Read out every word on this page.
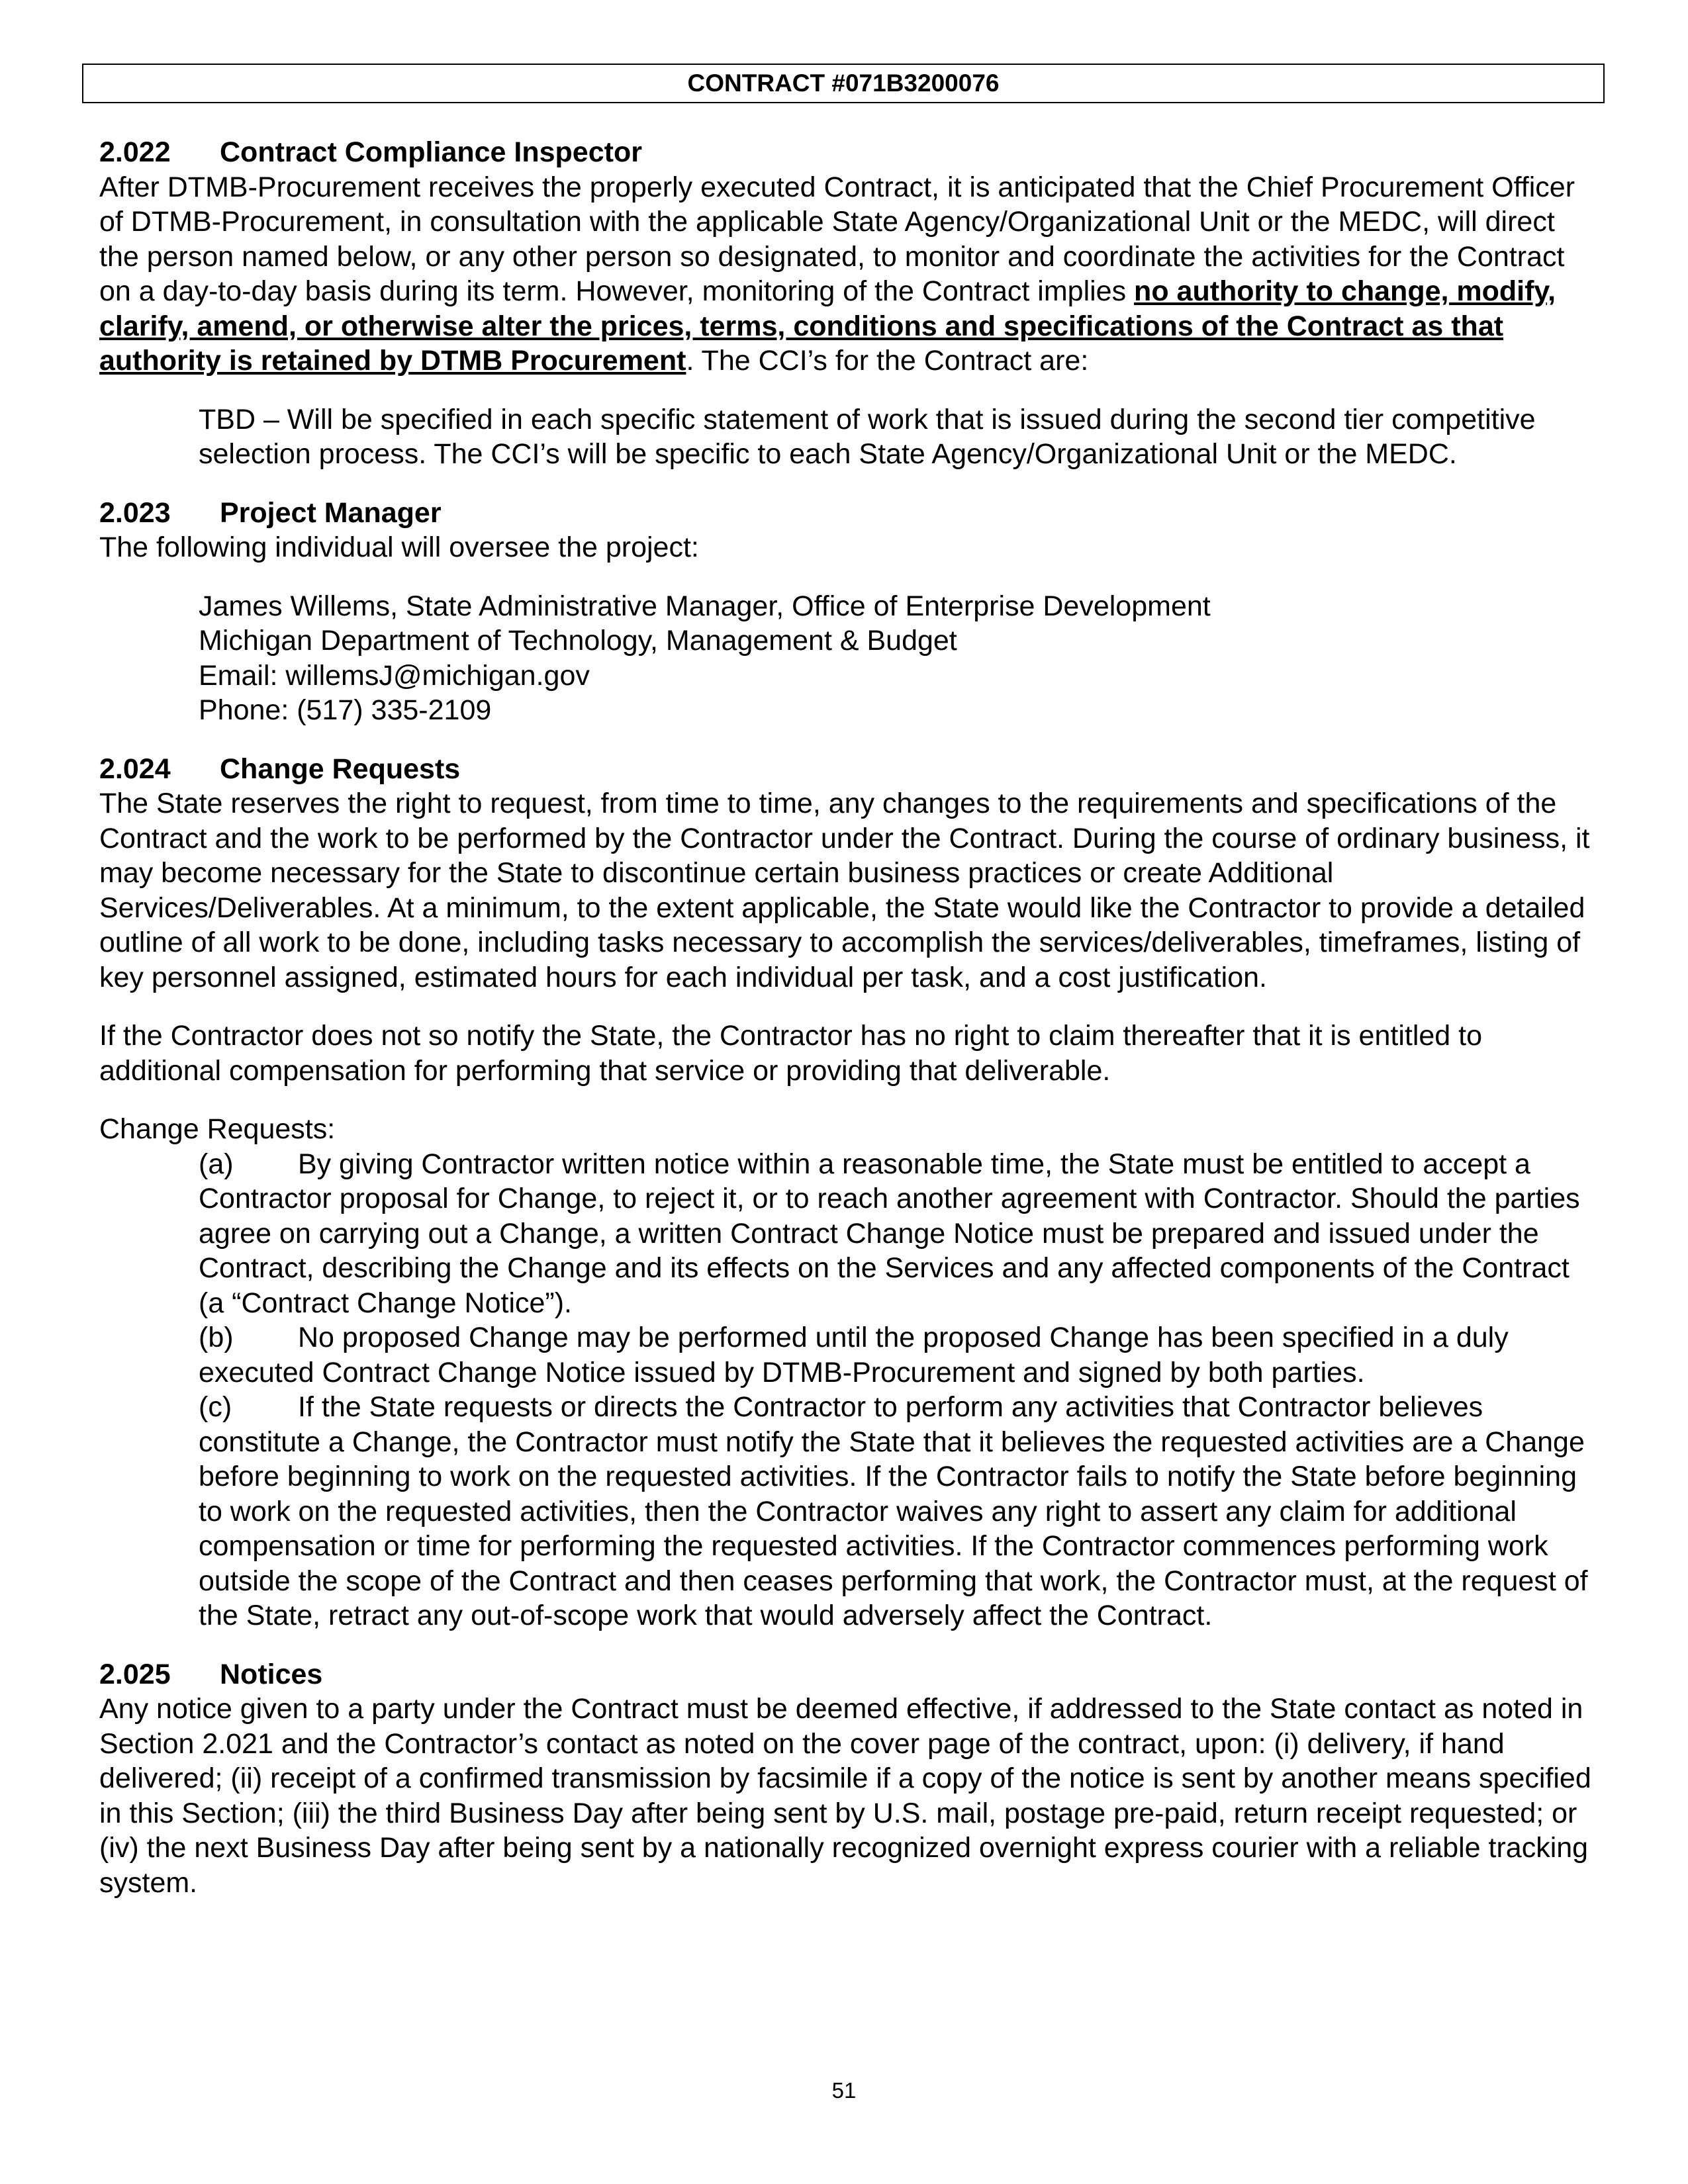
CONTRACT #071B3200076
2.022 Contract Compliance Inspector

After DTMB-Procurement receives the properly executed Contract, it is anticipated that the Chief Procurement Officer of DTMB-Procurement, in consultation with the applicable State Agency/Organizational Unit or the MEDC, will direct the person named below, or any other person so designated, to monitor and coordinate the activities for the Contract on a day-to-day basis during its term. However, monitoring of the Contract implies no authority to change, modify, clarify, amend, or otherwise alter the prices, terms, conditions and specifications of the Contract as that authority is retained by DTMB Procurement. The CCI’s for the Contract are:

TBD – Will be specified in each specific statement of work that is issued during the second tier competitive selection process. The CCI’s will be specific to each State Agency/Organizational Unit or the MEDC.

2.023 Project Manager

The following individual will oversee the project:

James Willems, State Administrative Manager, Office of Enterprise Development

Michigan Department of Technology, Management & Budget

Email: willemsJ@michigan.gov

Phone: (517) 335-2109

2.024 Change Requests

The State reserves the right to request, from time to time, any changes to the requirements and specifications of the Contract and the work to be performed by the Contractor under the Contract. During the course of ordinary business, it may become necessary for the State to discontinue certain business practices or create Additional Services/Deliverables. At a minimum, to the extent applicable, the State would like the Contractor to provide a detailed outline of all work to be done, including tasks necessary to accomplish the services/deliverables, timeframes, listing of key personnel assigned, estimated hours for each individual per task, and a cost justification.

If the Contractor does not so notify the State, the Contractor has no right to claim thereafter that it is entitled to additional compensation for performing that service or providing that deliverable.

Change Requests:

(a) By giving Contractor written notice within a reasonable time, the State must be entitled to accept a Contractor proposal for Change, to reject it, or to reach another agreement with Contractor. Should the parties agree on carrying out a Change, a written Contract Change Notice must be prepared and issued under the Contract, describing the Change and its effects on the Services and any affected components of the Contract (a “Contract Change Notice”).
(b) No proposed Change may be performed until the proposed Change has been specified in a duly executed Contract Change Notice issued by DTMB-Procurement and signed by both parties.
(c) If the State requests or directs the Contractor to perform any activities that Contractor believes constitute a Change, the Contractor must notify the State that it believes the requested activities are a Change before beginning to work on the requested activities. If the Contractor fails to notify the State before beginning to work on the requested activities, then the Contractor waives any right to assert any claim for additional compensation or time for performing the requested activities. If the Contractor commences performing work outside the scope of the Contract and then ceases performing that work, the Contractor must, at the request of the State, retract any out-of-scope work that would adversely affect the Contract.
2.025 Notices

Any notice given to a party under the Contract must be deemed effective, if addressed to the State contact as noted in Section 2.021 and the Contractor’s contact as noted on the cover page of the contract, upon: (i) delivery, if hand delivered; (ii) receipt of a confirmed transmission by facsimile if a copy of the notice is sent by another means specified in this Section; (iii) the third Business Day after being sent by U.S. mail, postage pre-paid, return receipt requested; or (iv) the next Business Day after being sent by a nationally recognized overnight express courier with a reliable tracking system.

51
